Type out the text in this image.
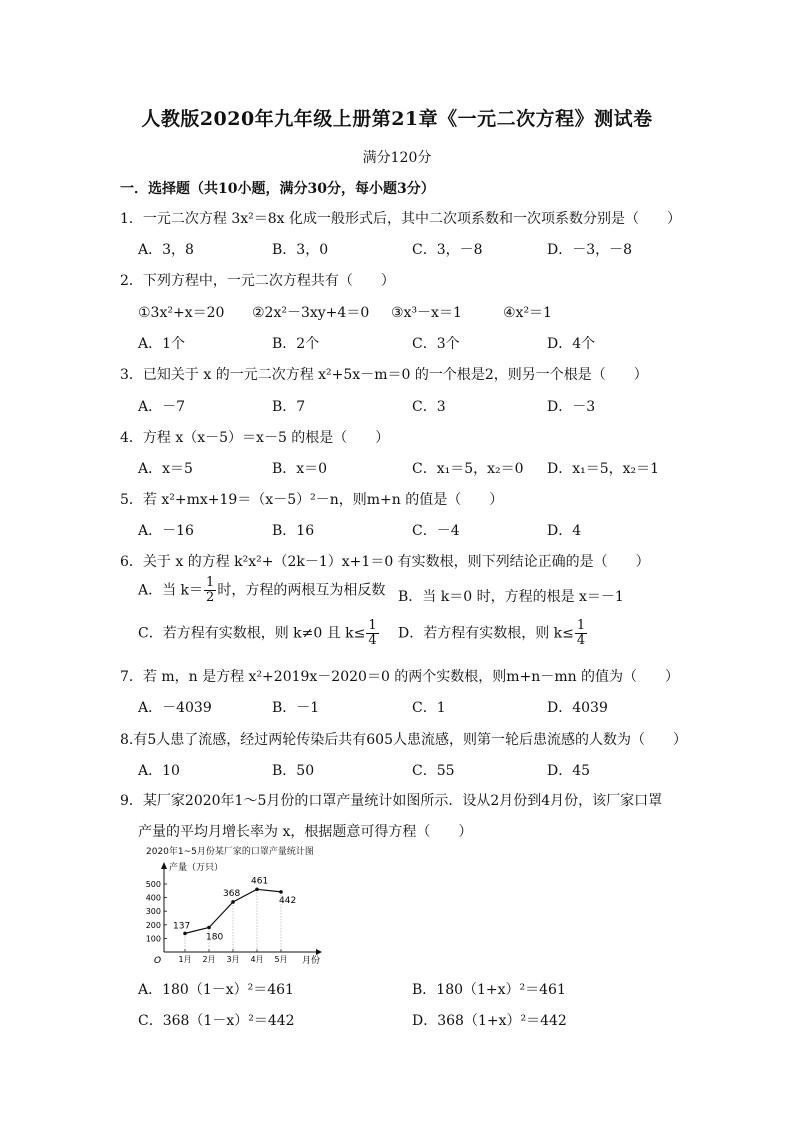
人教版2020年九年级上册第21章《一元二次方程》测试卷
满分120分
一．选择题（共10小题，满分30分，每小题3分）
1．一元二次方程 3x²＝8x 化成一般形式后，其中二次项系数和一次项系数分别是（　　）
A．3，8	B．3，0	C．3，－8	D．－3，－8
2．下列方程中，一元二次方程共有（　　）
①3x²+x＝20 ②2x²－3xy+4＝0 ③x³－x＝1	④x²＝1
A．1个	B．2个	C．3个	D．4个
3．已知关于 x 的一元二次方程 x²+5x－m＝0 的一个根是2，则另一个根是（　　）
A．－7	B．7	C．3	D．－3
4．方程 x（x－5）＝x－5 的根是（　　）
A．x＝5	B．x＝0	C．x₁＝5，x₂＝0 D．x₁＝5，x₂＝1
5．若 x²+mx+19＝（x－5）²－n，则m+n 的值是（　　）
A．－16	B．16	C．－4	D．4
6．关于 x 的方程 k²x²+（2k－1）x+1＝0 有实数根，则下列结论正确的是（　　）
A．当 $k= \frac{1}{2}$ 时，方程的两根互为相反数 B．当 k＝0 时，方程的根是 x＝－1
C．若方程有实数根，则 k≠0 且 $k\le \frac{1}{4}$ D．若方程有实数根，则 $k\le \frac{1}{4}$
7．若 m，n 是方程 x²+2019x－2020＝0 的两个实数根，则m+n－mn 的值为（　　）
A．－4039	B．－1	C．1	D．4039
8.有5人患了流感，经过两轮传染后共有605人患流感，则第一轮后患流感的人数为（　　）
A．10	B．50	C．55	D．45
9．某厂家2020年1～5月份的口罩产量统计如图所示．设从2月份到4月份，该厂家口罩
产量的平均月增长率为 x，根据题意可得方程（　　）
2020年1~5月份某厂家的口罩产量统计图
产量（万只）
月份
O
100
200
300
400
500
1月 2月 3月 4月 5月
137
180
368
461
442
A．180（1－x）²＝461	B．180（1+x）²＝461
C．368（1－x）²＝442	D．368（1+x）²＝442
